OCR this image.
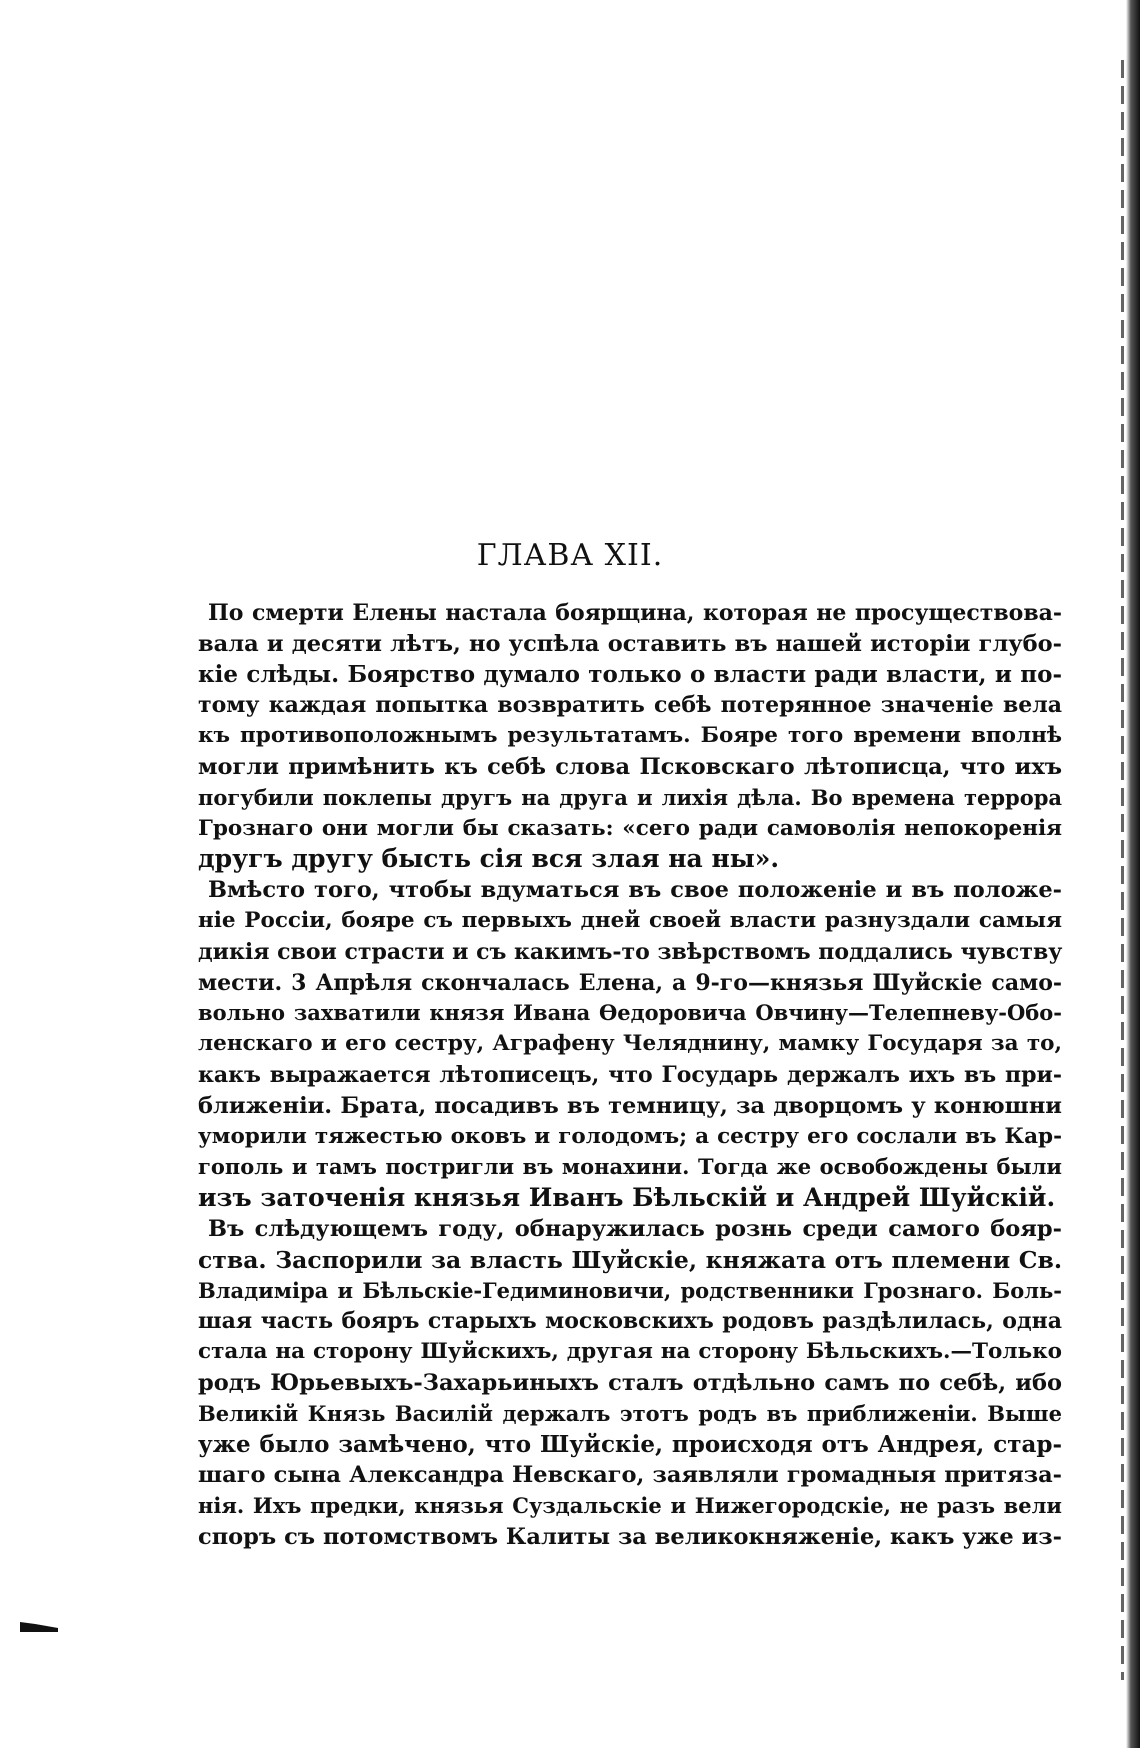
ГЛАВА XII.
По смерти Елены настала боярщина, которая не просуществова-
вала и десяти лѣтъ, но успѣла оставить въ нашей исторіи глубо-
кіе слѣды. Боярство думало только о власти ради власти, и по-
тому каждая попытка возвратить себѣ потерянное значеніе вела
къ противоположнымъ результатамъ. Бояре того времени вполнѣ
могли примѣнить къ себѣ слова Псковскаго лѣтописца, что ихъ
погубили поклепы другъ на друга и лихія дѣла. Во времена террора
Грознаго они могли бы сказать: «сего ради самоволія непокоренія
другъ другу бысть сія вся злая на ны».
Вмѣсто того, чтобы вдуматься въ свое положеніе и въ положе-
ніе Россіи, бояре съ первыхъ дней своей власти разнуздали самыя
дикія свои страсти и съ какимъ-то звѣрствомъ поддались чувству
мести. 3 Апрѣля скончалась Елена, а 9-го—князья Шуйскіе само-
вольно захватили князя Ивана Ѳедоровича Овчину—Телепневу-Обо-
ленскаго и его сестру, Аграфену Челяднину, мамку Государя за то,
какъ выражается лѣтописецъ, что Государь держалъ ихъ въ при-
ближеніи. Брата, посадивъ въ темницу, за дворцомъ у конюшни
уморили тяжестью оковъ и голодомъ; а сестру его сослали въ Кар-
гополь и тамъ постригли въ монахини. Тогда же освобождены были
изъ заточенія князья Иванъ Бѣльскій и Андрей Шуйскій.
Въ слѣдующемъ году, обнаружилась рознь среди самого бояр-
ства. Заспорили за власть Шуйскіе, княжата отъ племени Св.
Владиміра и Бѣльскіе-Гедиминовичи, родственники Грознаго. Боль-
шая часть бояръ старыхъ московскихъ родовъ раздѣлилась, одна
стала на сторону Шуйскихъ, другая на сторону Бѣльскихъ.—Только
родъ Юрьевыхъ-Захарьиныхъ сталъ отдѣльно самъ по себѣ, ибо
Великій Князь Василій держалъ этотъ родъ въ приближеніи. Выше
уже было замѣчено, что Шуйскіе, происходя отъ Андрея, стар-
шаго сына Александра Невскаго, заявляли громадныя притяза-
нія. Ихъ предки, князья Суздальскіе и Нижегородскіе, не разъ вели
споръ съ потомствомъ Калиты за великокняженіе, какъ уже из-
